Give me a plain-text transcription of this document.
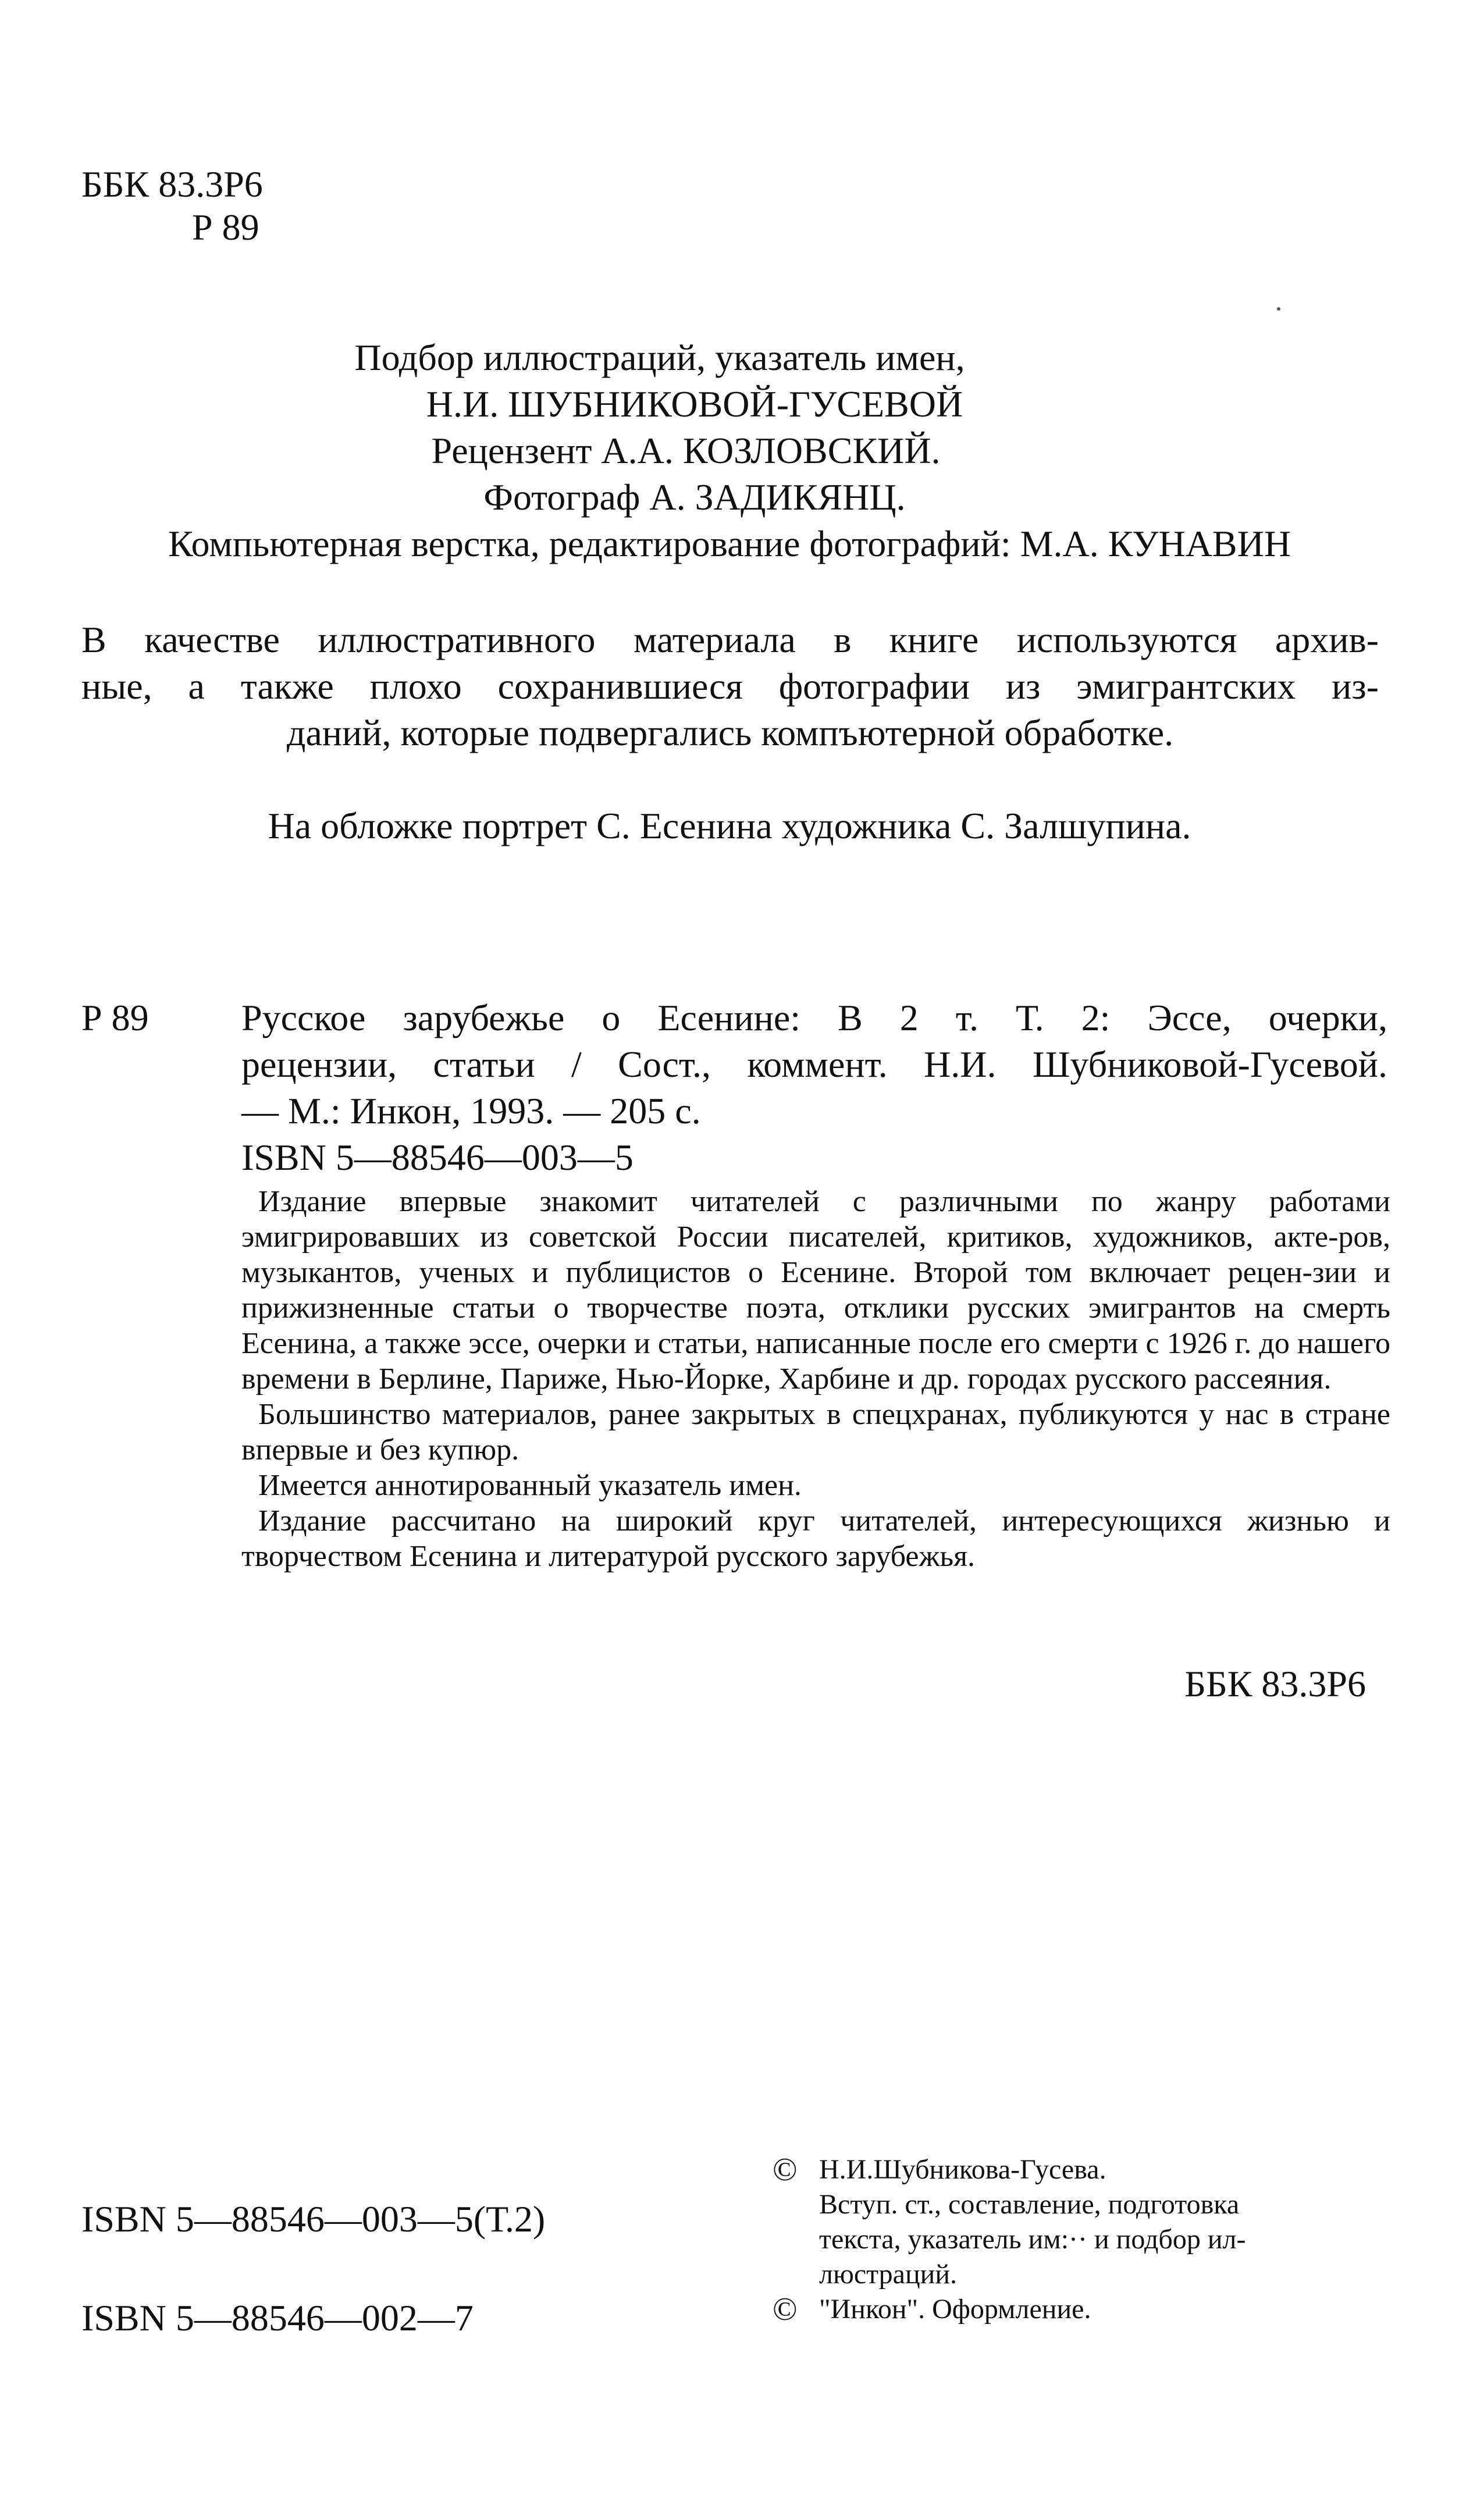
ББК 83.3Р6
Р 89
Подбор иллюстраций, указатель имен,
Н.И. ШУБНИКОВОЙ-ГУСЕВОЙ
Рецензент А.А. КОЗЛОВСКИЙ.
Фотограф А. ЗАДИКЯНЦ.
Компьютерная верстка, редактирование фотографий: М.А. КУНАВИН
В качестве иллюстративного материала в книге используются архив-
ные, а также плохо сохранившиеся фотографии из эмигрантских из-
даний, которые подвергались компъютерной обработке.
На обложке портрет С. Есенина художника С. Залшупина.
Р 89 Русское зарубежье о Есенине: В 2 т. Т. 2: Эссе, очерки,
рецензии, статьи / Сост., коммент. Н.И. Шубниковой-Гусевой.
— М.: Инкон, 1993. — 205 с.
ISBN 5—88546—003—5

Издание впервые знакомит читателей с различными по жанру работами эмигрировавших из советской России писателей, критиков, художников, акте-ров, музыкантов, ученых и публицистов о Есенине. Второй том включает рецен-зии и прижизненные статьи о творчестве поэта, отклики русских эмигрантов на смерть Есенина, а также эссе, очерки и статьи, написанные после его смерти с 1926 г. до нашего времени в Берлине, Париже, Нью-Йорке, Харбине и др. городах русского рассеяния.

Большинство материалов, ранее закрытых в спецхранах, публикуются у нас в стране впервые и без купюр.

Имеется аннотированный указатель имен.

Издание рассчитано на широкий круг читателей, интересующихся жизнью и творчеством Есенина и литературой русского зарубежья.

ББК 83.3Р6
ISBN 5—88546—003—5(Т.2)
ISBN 5—88546—002—7
© Н.И.Шубникова-Гусева.
Вступ. ст., составление, подготовка
текста, указатель им:·· и подбор ил-
люстраций.
© "Инкон". Оформление.
